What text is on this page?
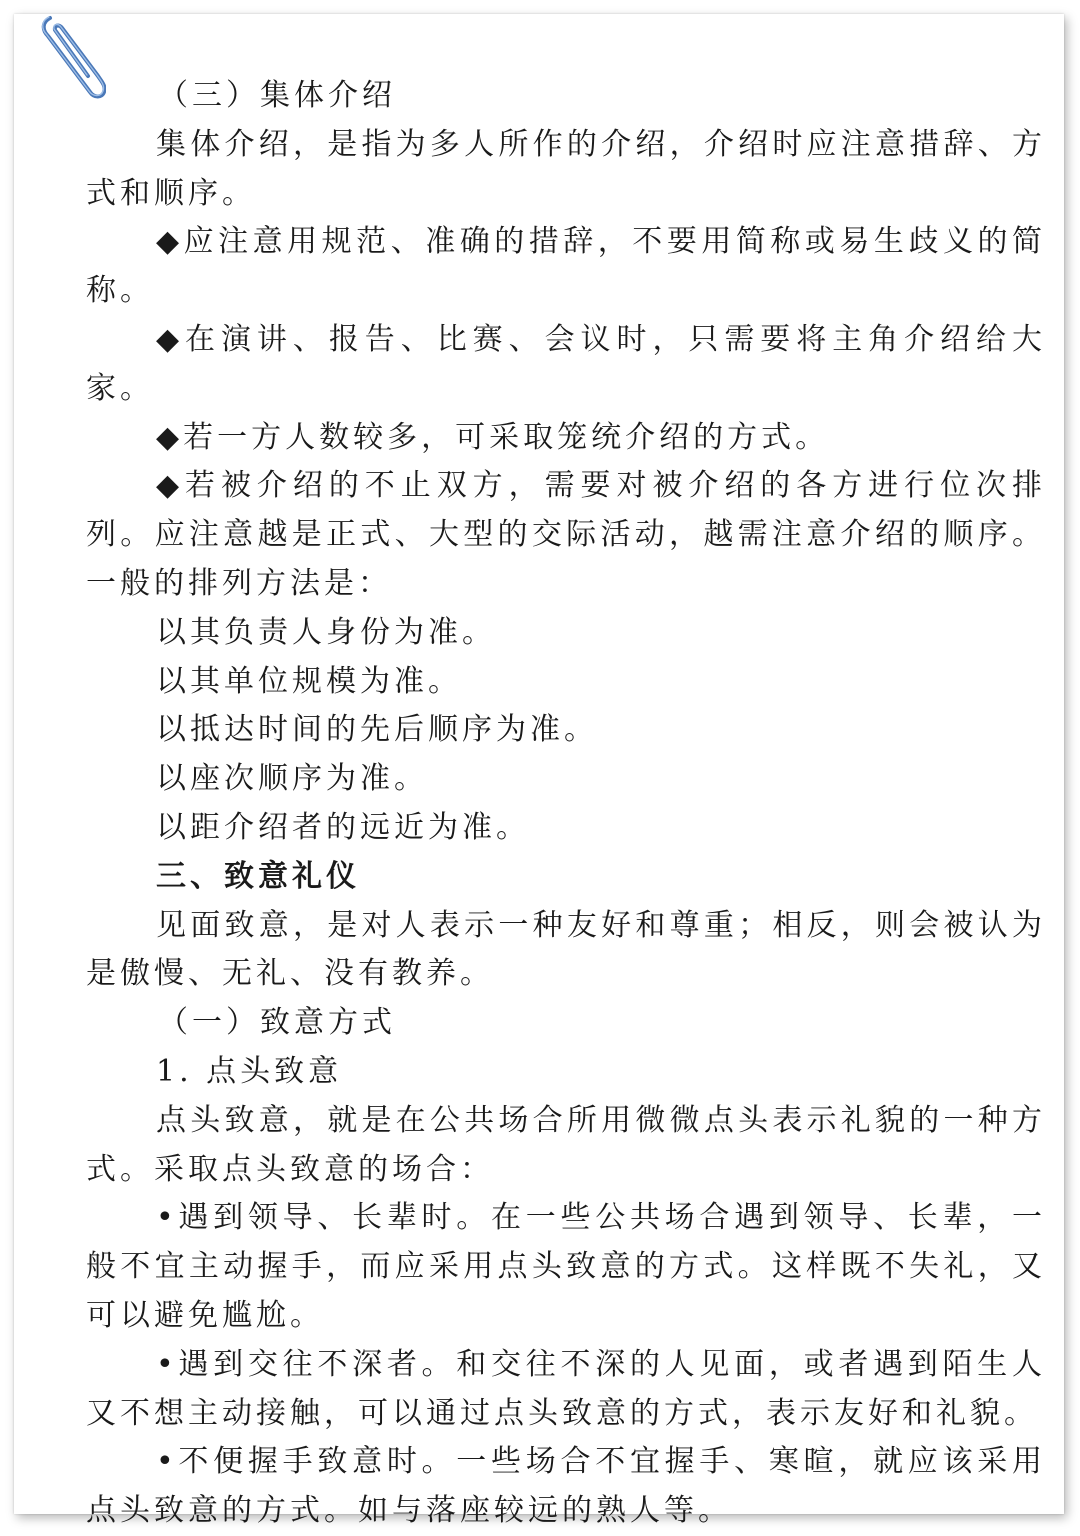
（三）集体介绍

集体介绍，是指为多人所作的介绍，介绍时应注意措辞、方式和顺序。

◆应注意用规范、准确的措辞，不要用简称或易生歧义的简称。

◆在演讲、报告、比赛、会议时，只需要将主角介绍给大家。

◆若一方人数较多，可采取笼统介绍的方式。

◆若被介绍的不止双方，需要对被介绍的各方进行位次排列。应注意越是正式、大型的交际活动，越需注意介绍的顺序。一般的排列方法是：

以其负责人身份为准。

以其单位规模为准。

以抵达时间的先后顺序为准。

以座次顺序为准。

以距介绍者的远近为准。

三、致意礼仪

见面致意，是对人表示一种友好和尊重；相反，则会被认为是傲慢、无礼、没有教养。

（一）致意方式

1. 点头致意

点头致意，就是在公共场合所用微微点头表示礼貌的一种方式。采取点头致意的场合：

•遇到领导、长辈时。在一些公共场合遇到领导、长辈，一般不宜主动握手，而应采用点头致意的方式。这样既不失礼，又可以避免尴尬。

•遇到交往不深者。和交往不深的人见面，或者遇到陌生人又不想主动接触，可以通过点头致意的方式，表示友好和礼貌。

•不便握手致意时。一些场合不宜握手、寒暄，就应该采用点头致意的方式。如与落座较远的熟人等。
